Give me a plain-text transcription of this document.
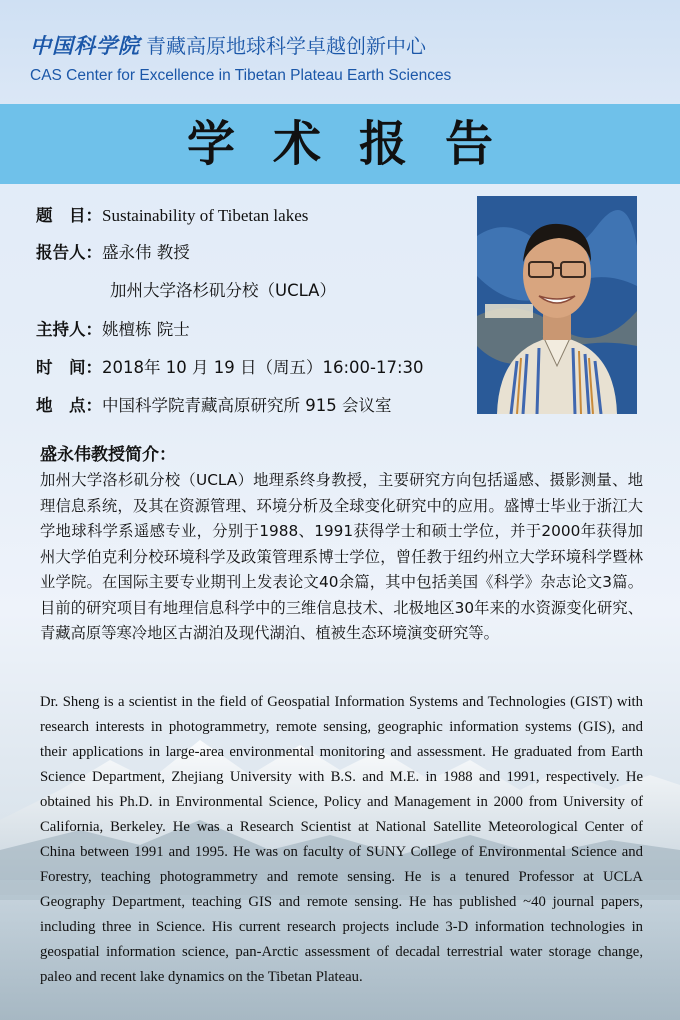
中国科学院 青藏高原地球科学卓越创新中心
CAS Center for Excellence in Tibetan Plateau Earth Sciences
学术报告
题　目：Sustainability of Tibetan lakes
报告人：盛永伟 教授
加州大学洛杉矶分校（UCLA）
主持人：姚檀栋 院士
时　间：2018年 10 月 19 日（周五）16:00-17:30
地　点：中国科学院青藏高原研究所 915 会议室
盛永伟教授简介：

加州大学洛杉矶分校（UCLA）地理系终身教授，主要研究方向包括遥感、摄影测量、地理信息系统，及其在资源管理、环境分析及全球变化研究中的应用。盛博士毕业于浙江大学地球科学系遥感专业，分别于1988、1991获得学士和硕士学位，并于2000年获得加州大学伯克利分校环境科学及政策管理系博士学位，曾任教于纽约州立大学环境科学暨林业学院。在国际主要专业期刊上发表论文40余篇，其中包括美国《科学》杂志论文3篇。目前的研究项目有地理信息科学中的三维信息技术、北极地区30年来的水资源变化研究、青藏高原等寒冷地区古湖泊及现代湖泊、植被生态环境演变研究等。

Dr. Sheng is a scientist in the field of Geospatial Information Systems and Technologies (GIST) with research interests in photogrammetry, remote sensing, geographic information systems (GIS), and their applications in large-area environmental monitoring and assessment. He graduated from Earth Science Department, Zhejiang University with B.S. and M.E. in 1988 and 1991, respectively. He obtained his Ph.D. in Environmental Science, Policy and Management in 2000 from University of California, Berkeley. He was a Research Scientist at National Satellite Meteorological Center of China between 1991 and 1995. He was on faculty of SUNY College of Environmental Science and Forestry, teaching photogrammetry and remote sensing. He is a tenured Professor at UCLA Geography Department, teaching GIS and remote sensing. He has published ~40 journal papers, including three in Science. His current research projects include 3-D information technologies in geospatial information science, pan-Arctic assessment of decadal terrestrial water storage change, paleo and recent lake dynamics on the Tibetan Plateau.
